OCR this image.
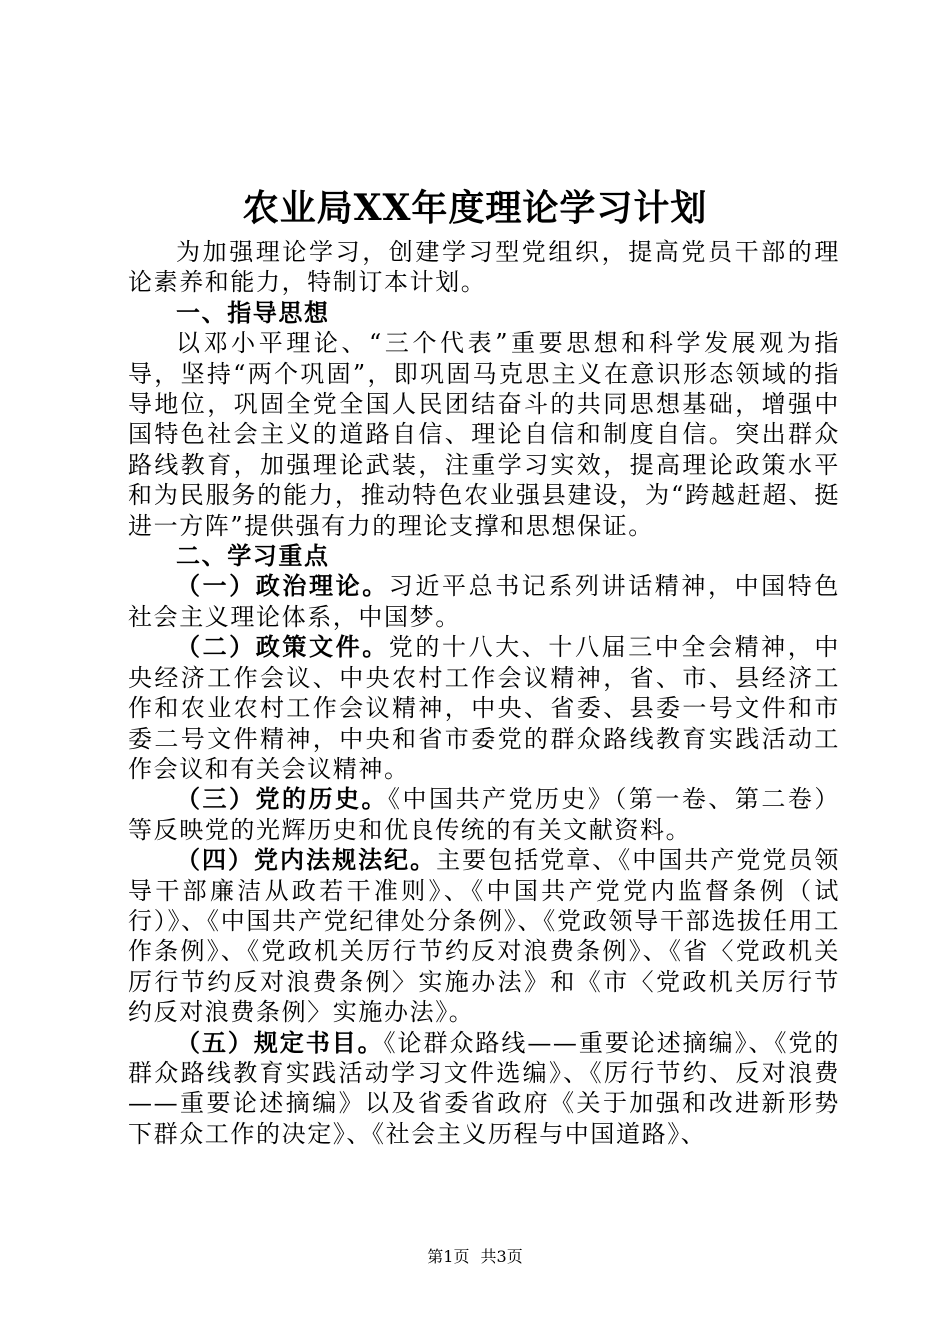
农业局XX年度理论学习计划

为加强理论学习，创建学习型党组织，提高党员干部的理论素养和能力，特制订本计划。

一、指导思想

以邓小平理论、“三个代表”重要思想和科学发展观为指导，坚持“两个巩固”，即巩固马克思主义在意识形态领域的指导地位，巩固全党全国人民团结奋斗的共同思想基础，增强中国特色社会主义的道路自信、理论自信和制度自信。突出群众路线教育，加强理论武装，注重学习实效，提高理论政策水平和为民服务的能力，推动特色农业强县建设，为“跨越赶超、挺进一方阵”提供强有力的理论支撑和思想保证。

二、学习重点

（一）政治理论。习近平总书记系列讲话精神，中国特色社会主义理论体系，中国梦。

（二）政策文件。党的十八大、十八届三中全会精神，中央经济工作会议、中央农村工作会议精神，省、市、县经济工作和农业农村工作会议精神，中央、省委、县委一号文件和市委二号文件精神，中央和省市委党的群众路线教育实践活动工作会议和有关会议精神。

（三）党的历史。《中国共产党历史》（第一卷、第二卷）等反映党的光辉历史和优良传统的有关文献资料。

（四）党内法规法纪。主要包括党章、《中国共产党党员领导干部廉洁从政若干准则》、《中国共产党党内监督条例（试行）》、《中国共产党纪律处分条例》、《党政领导干部选拔任用工作条例》、《党政机关厉行节约反对浪费条例》、《省〈党政机关厉行节约反对浪费条例〉实施办法》和《市〈党政机关厉行节约反对浪费条例〉实施办法》。

（五）规定书目。《论群众路线——重要论述摘编》、《党的群众路线教育实践活动学习文件选编》、《厉行节约、反对浪费——重要论述摘编》以及省委省政府《关于加强和改进新形势下群众工作的决定》、《社会主义历程与中国道路》、

第1页 共3页
